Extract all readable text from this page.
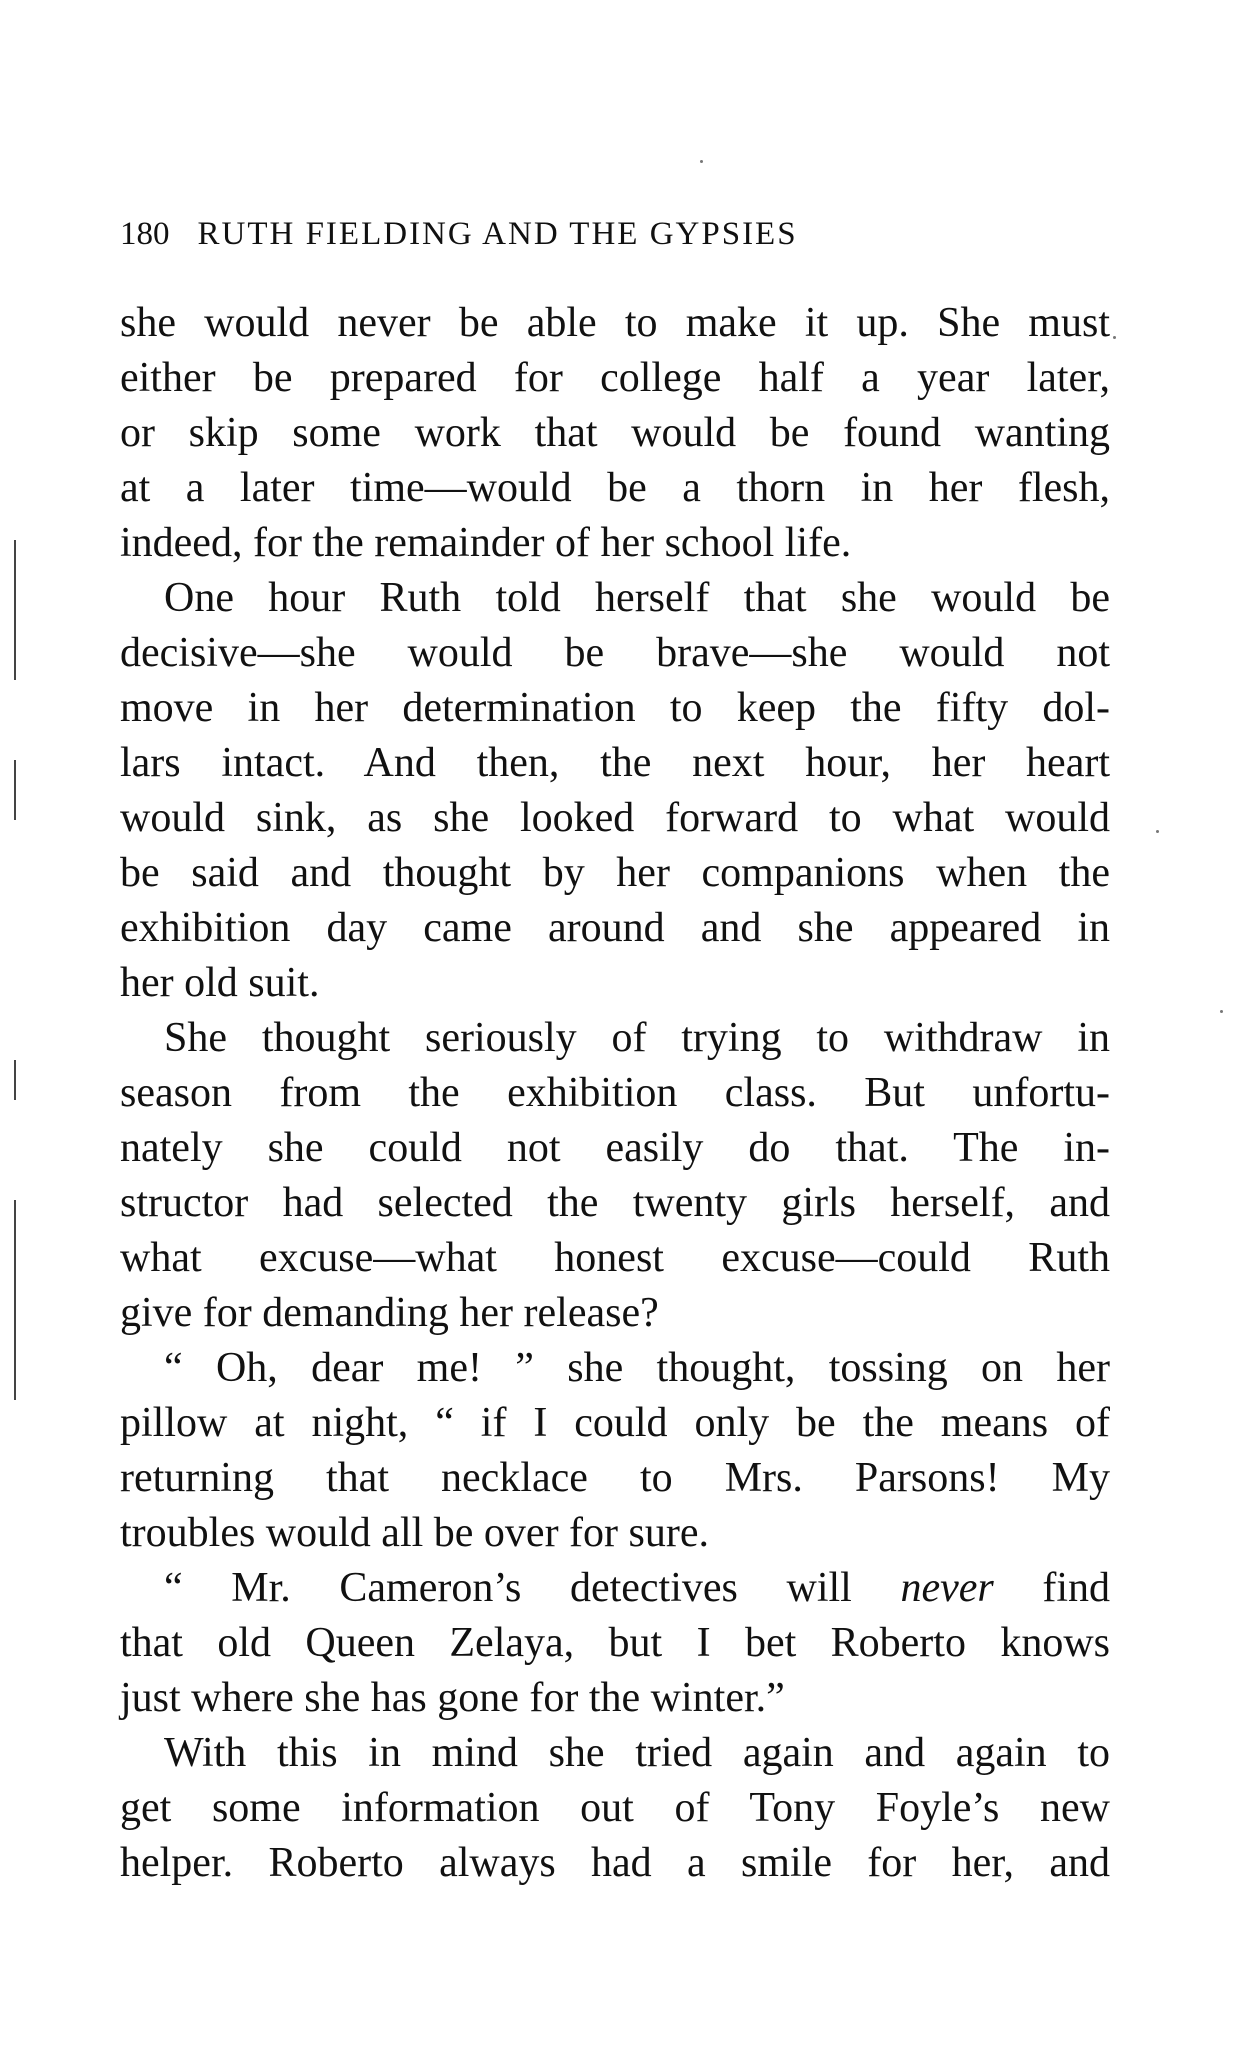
180 RUTH FIELDING AND THE GYPSIES
she would never be able to make it up. She must
either be prepared for college half a year later,
or skip some work that would be found wanting
at a later time—would be a thorn in her flesh,
indeed, for the remainder of her school life.
One hour Ruth told herself that she would be
decisive—she would be brave—she would not
move in her determination to keep the fifty dol-
lars intact. And then, the next hour, her heart
would sink, as she looked forward to what would
be said and thought by her companions when the
exhibition day came around and she appeared in
her old suit.
She thought seriously of trying to withdraw in
season from the exhibition class. But unfortu-
nately she could not easily do that. The in-
structor had selected the twenty girls herself, and
what excuse—what honest excuse—could Ruth
give for demanding her release?
“ Oh, dear me! ” she thought, tossing on her
pillow at night, “ if I could only be the means of
returning that necklace to Mrs. Parsons! My
troubles would all be over for sure.
“ Mr. Cameron’s detectives will never find
that old Queen Zelaya, but I bet Roberto knows
just where she has gone for the winter.”
With this in mind she tried again and again to
get some information out of Tony Foyle’s new
helper. Roberto always had a smile for her, and
